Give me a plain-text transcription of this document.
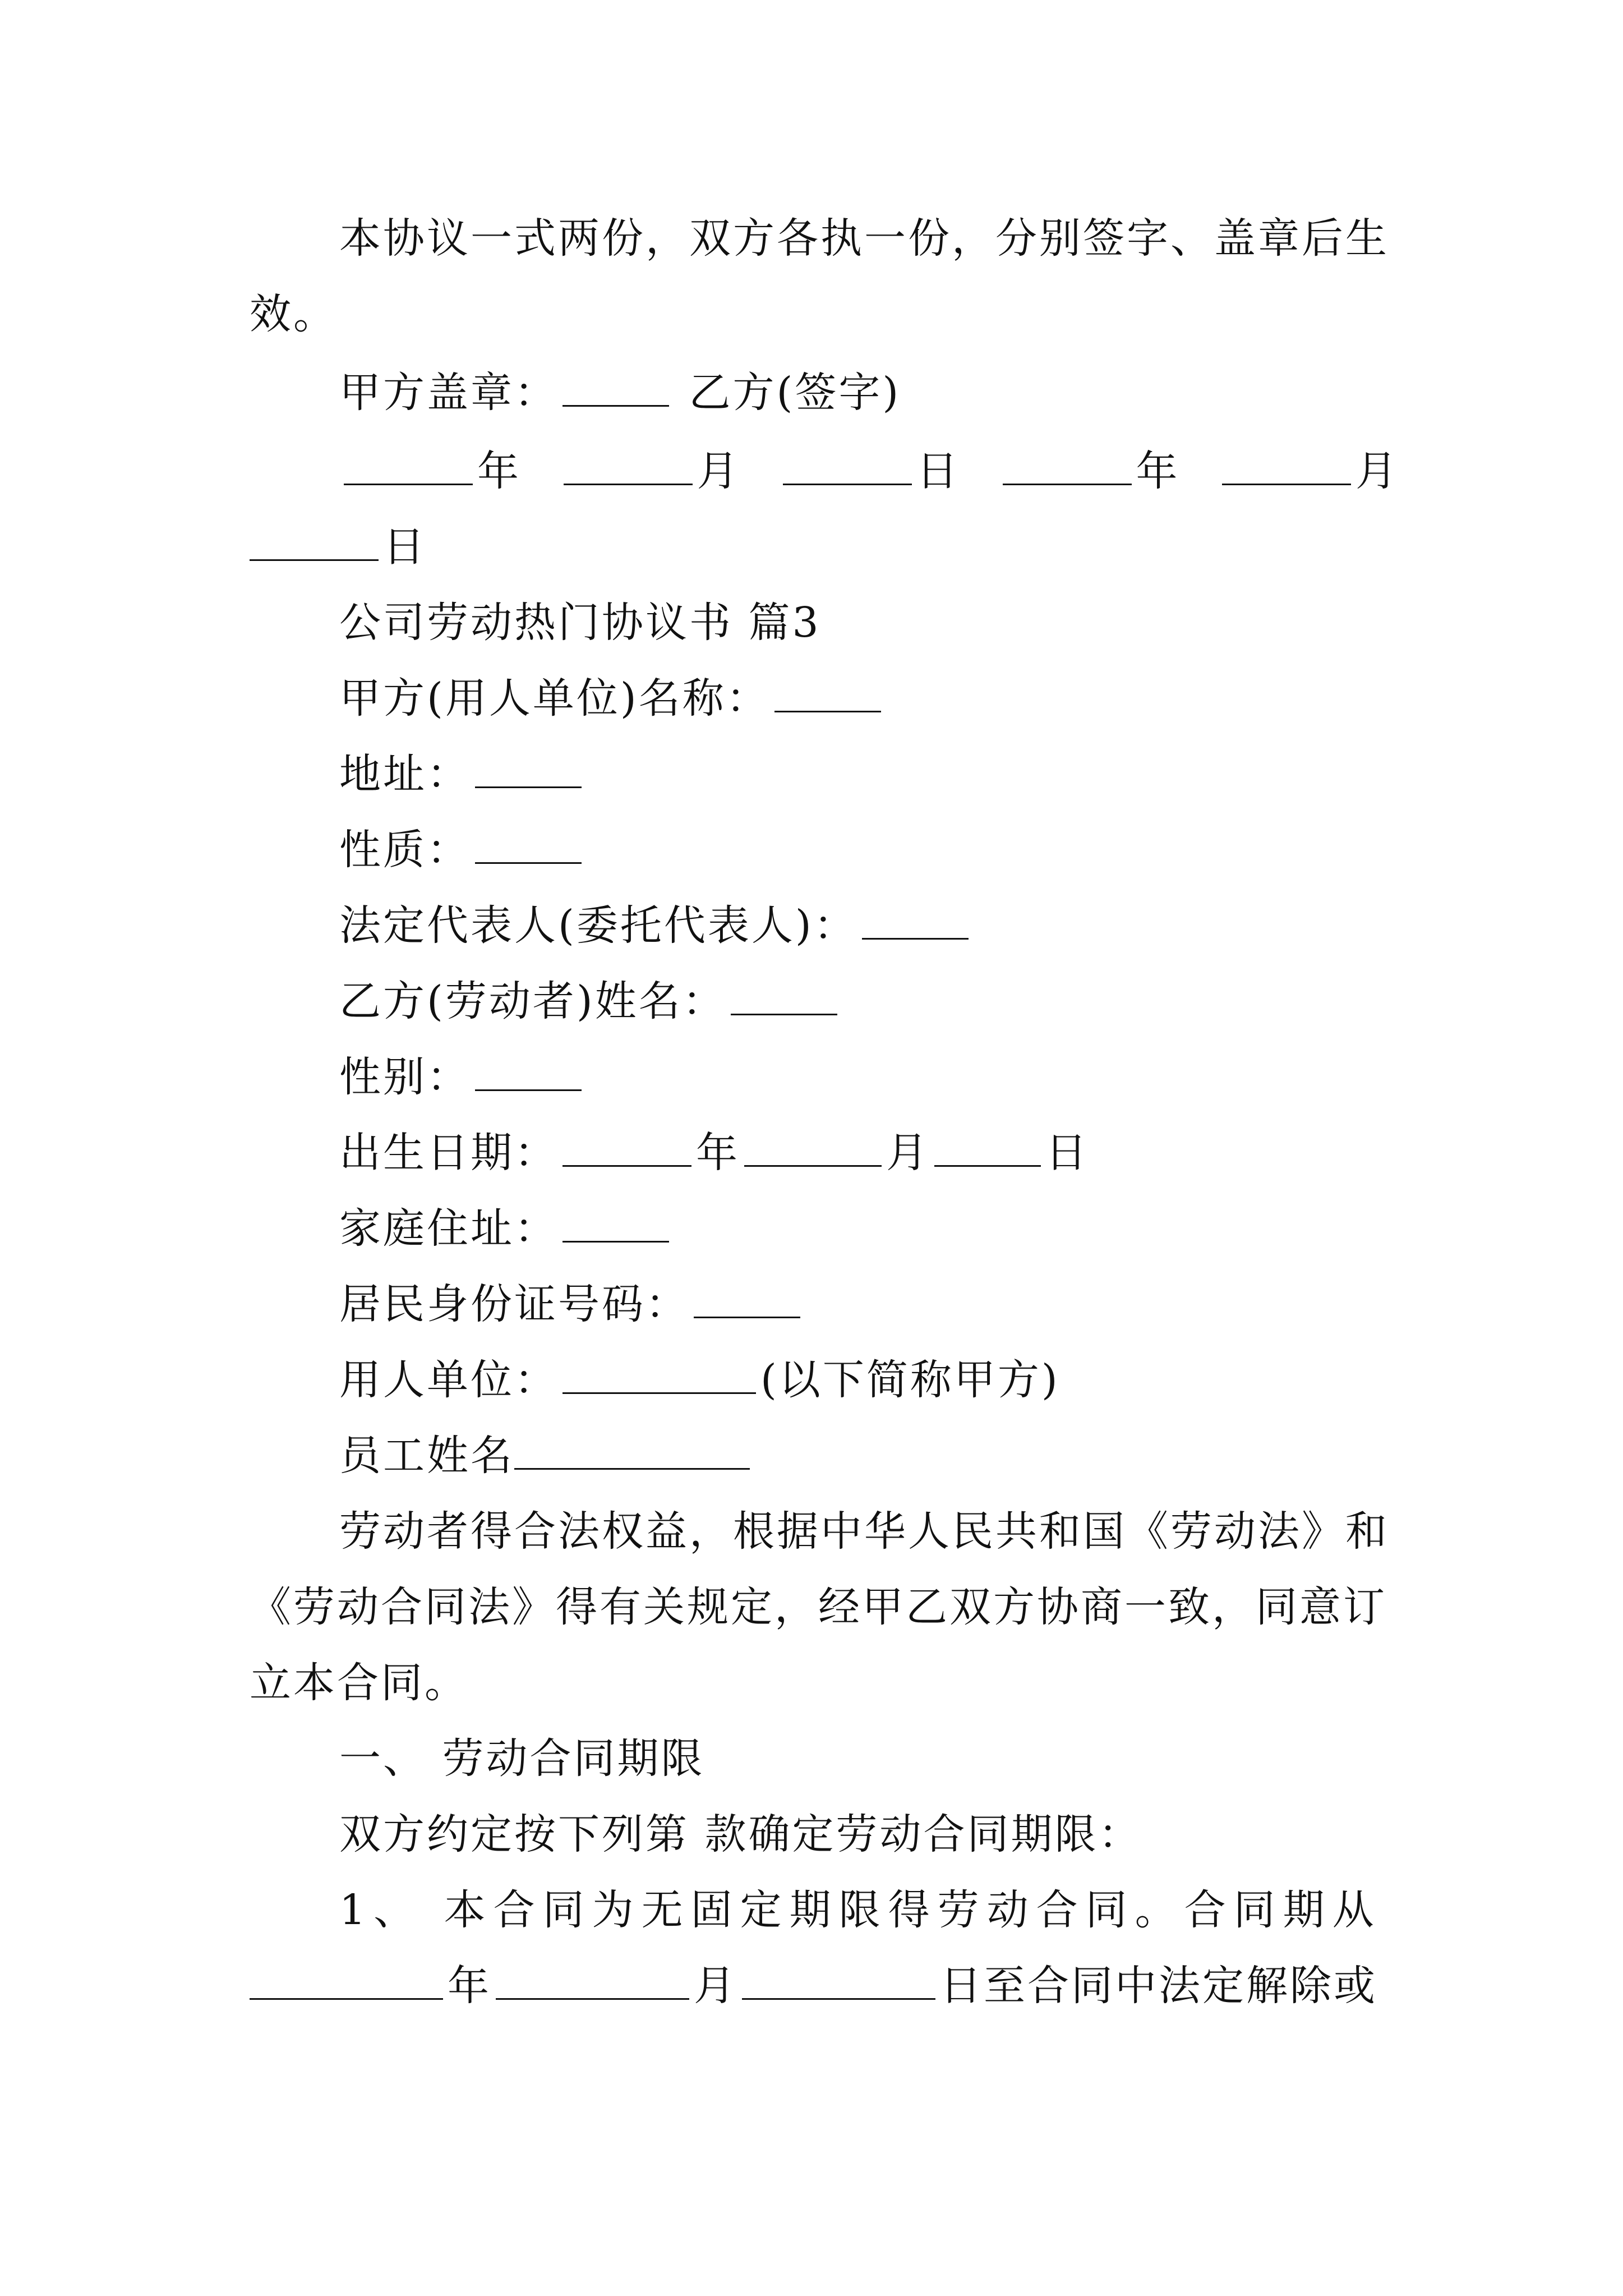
本协议一式两份，双方各执一份，分别签字、盖章后生
效。
甲方盖章：	乙方(签字)
年	月	日	年	月
日
公司劳动热门协议书 篇3
甲方(用人单位)名称：
地址：
性质：
法定代表人(委托代表人)：
乙方(劳动者)姓名：
性别：
出生日期：	年	月	日
家庭住址：
居民身份证号码：
用人单位：	(以下简称甲方)
员工姓名
劳动者得合法权益，根据中华人民共和国《劳动法》和
《劳动合同法》得有关规定，经甲乙双方协商一致，同意订
立本合同。
一、 劳动合同期限
双方约定按下列第 款确定劳动合同期限：
1、 本合同为无固定期限得劳动合同。合同期从
年	月	日至合同中法定解除或
